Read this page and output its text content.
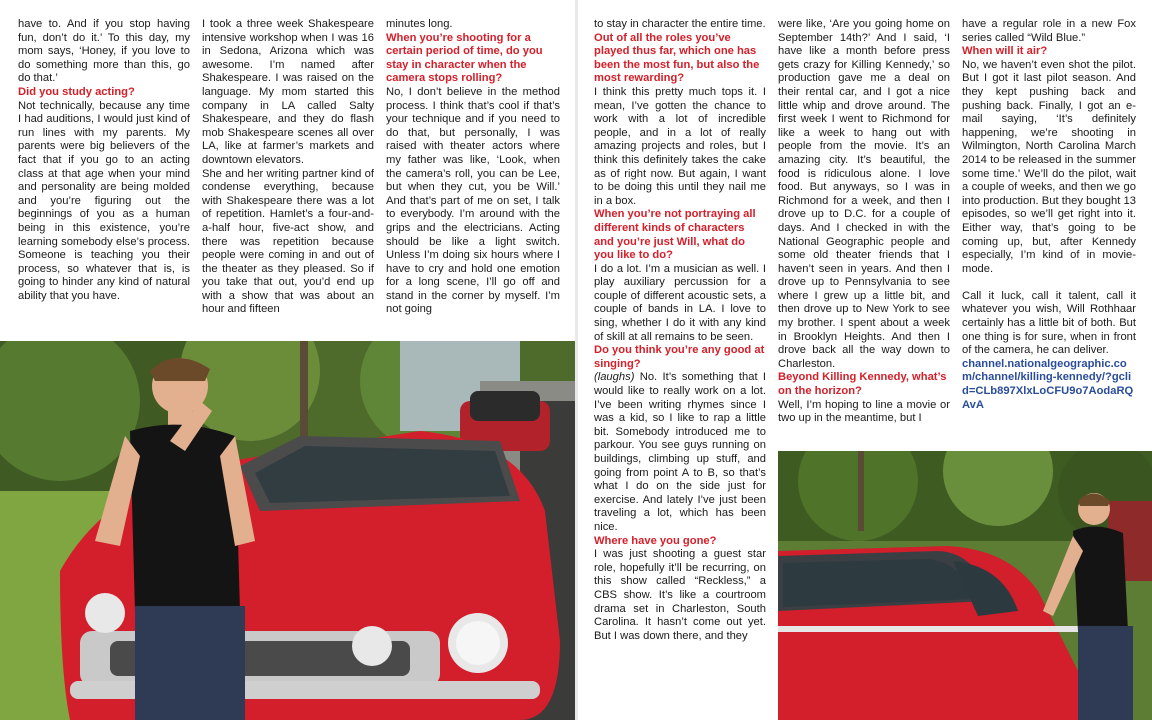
have to. And if you stop having fun, don’t do it.’ To this day, my mom says, ‘Honey, if you love to do something more than this, go do that.’

Did you study acting?

Not technically, because any time I had auditions, I would just kind of run lines with my parents. My parents were big believers of the fact that if you go to an acting class at that age when your mind and personality are being molded and you’re figuring out the beginnings of you as a human being in this existence, you’re learning somebody else’s process. Someone is teaching you their process, so whatever that is, is going to hinder any kind of natural ability that you have.

I took a three week Shakespeare intensive workshop when I was 16 in Sedona, Arizona which was awesome. I’m named after Shakespeare. I was raised on the language. My mom started this company in LA called Salty Shakespeare, and they do flash mob Shakespeare scenes all over LA, like at farmer’s markets and downtown elevators.

She and her writing partner kind of condense everything, because with Shakespeare there was a lot of repetition. Hamlet’s a four-and-a-half hour, five-act show, and there was repetition because people were coming in and out of the theater as they pleased. So if you take that out, you’d end up with a show that was about an hour and fifteen

minutes long.

When you’re shooting for a certain period of time, do you stay in character when the camera stops rolling?

No, I don’t believe in the method process. I think that’s cool if that’s your technique and if you need to do that, but personally, I was raised with theater actors where my father was like, ‘Look, when the camera’s roll, you can be Lee, but when they cut, you be Will.’ And that’s part of me on set, I talk to everybody. I’m around with the grips and the electricians. Acting should be like a light switch. Unless I’m doing six hours where I have to cry and hold one emotion for a long scene, I’ll go off and stand in the corner by myself. I’m not going

to stay in character the entire time.

Out of all the roles you’ve played thus far, which one has been the most fun, but also the most rewarding?

I think this pretty much tops it. I mean, I’ve gotten the chance to work with a lot of incredible people, and in a lot of really amazing projects and roles, but I think this definitely takes the cake as of right now. But again, I want to be doing this until they nail me in a box.

When you’re not portraying all different kinds of characters and you’re just Will, what do you like to do?

I do a lot. I’m a musician as well. I play auxiliary percussion for a couple of different acoustic sets, a couple of bands in LA. I love to sing, whether I do it with any kind of skill at all remains to be seen.

Do you think you’re any good at singing?

(laughs) No. It’s something that I would like to really work on a lot. I’ve been writing rhymes since I was a kid, so I like to rap a little bit. Somebody introduced me to parkour. You see guys running on buildings, climbing up stuff, and going from point A to B, so that’s what I do on the side just for exercise. And lately I’ve just been traveling a lot, which has been nice.

Where have you gone?

I was just shooting a guest star role, hopefully it’ll be recurring, on this show called “Reckless,” a CBS show. It’s like a courtroom drama set in Charleston, South Carolina. It hasn’t come out yet. But I was down there, and they

were like, ‘Are you going home on September 14th?’ And I said, ‘I have like a month before press gets crazy for Killing Kennedy,’ so production gave me a deal on their rental car, and I got a nice little whip and drove around. The first week I went to Richmond for like a week to hang out with people from the movie. It’s an amazing city. It’s beautiful, the food is ridiculous alone. I love food. But anyways, so I was in Richmond for a week, and then I drove up to D.C. for a couple of days. And I checked in with the National Geographic people and some old theater friends that I haven’t seen in years. And then I drove up to Pennsylvania to see where I grew up a little bit, and then drove up to New York to see my brother. I spent about a week in Brooklyn Heights. And then I drove back all the way down to Charleston.

Beyond Killing Kennedy, what’s on the horizon?

Well, I’m hoping to line a movie or two up in the meantime, but I

have a regular role in a new Fox series called “Wild Blue.”

When will it air?

No, we haven’t even shot the pilot. But I got it last pilot season. And they kept pushing back and pushing back. Finally, I got an e-mail saying, ‘It’s definitely happening, we’re shooting in Wilmington, North Carolina March 2014 to be released in the summer some time.’ We’ll do the pilot, wait a couple of weeks, and then we go into production. But they bought 13 episodes, so we’ll get right into it. Either way, that’s going to be coming up, but, after Kennedy especially, I’m kind of in movie-mode.

Call it luck, call it talent, call it whatever you wish, Will Rothhaar certainly has a little bit of both. But one thing is for sure, when in front of the camera, he can deliver.

channel.nationalgeographic.com/channel/killing-kennedy/?gclid=CLb897XlxLoCFU9o7AodaRQAvA
